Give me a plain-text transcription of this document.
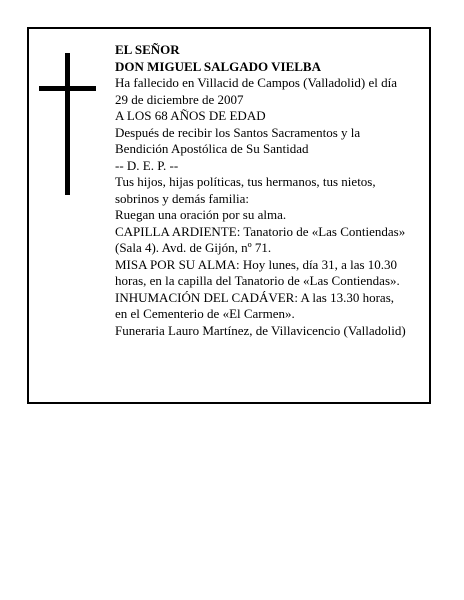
EL SEÑOR
DON MIGUEL SALGADO VIELBA
Ha fallecido en Villacid de Campos (Valladolid) el día
29 de diciembre de 2007
A LOS 68 AÑOS DE EDAD
Después de recibir los Santos Sacramentos y la
Bendición Apostólica de Su Santidad
-- D. E. P. --
Tus hijos, hijas políticas, tus hermanos, tus nietos,
sobrinos y demás familia:
Ruegan una oración por su alma.
CAPILLA ARDIENTE: Tanatorio de «Las Contiendas»
(Sala 4). Avd. de Gijón, nº 71.
MISA POR SU ALMA: Hoy lunes, día 31, a las 10.30
horas, en la capilla del Tanatorio de «Las Contiendas».
INHUMACIÓN DEL CADÁVER: A las 13.30 horas,
en el Cementerio de «El Carmen».
Funeraria Lauro Martínez, de Villavicencio (Valladolid)
